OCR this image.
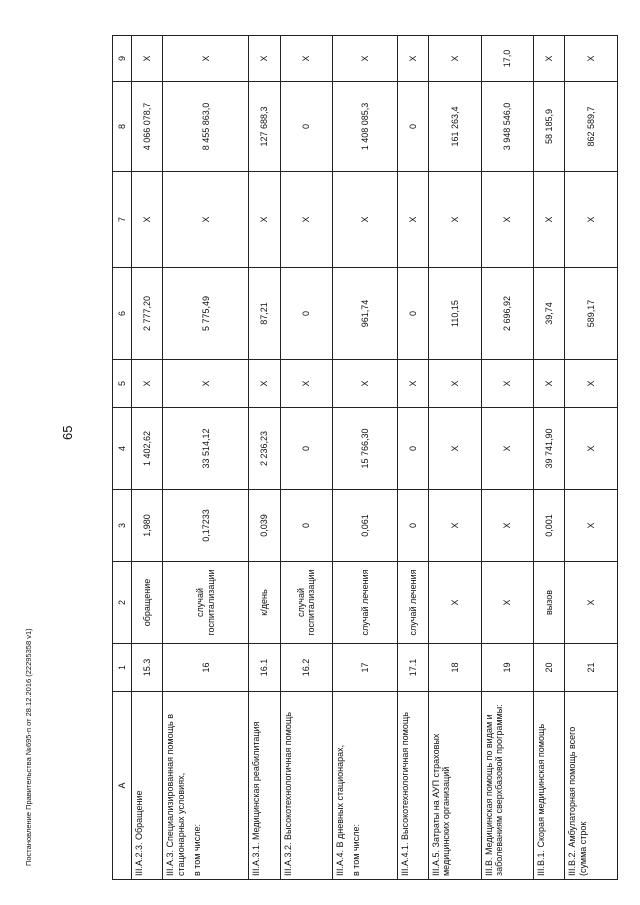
65
A	1	2	3	4	5	6	7	8	9

III.А.2.3. Обращение	15.3	обращение	1,980	1 402,62	X	2 777,20	X	4 066 078,7	X

III.А.3. Специализированная помощь в стационарных условиях, в том числе:	16	случай госпитализации	0,17233	33 514,12	X	5 775,49	X	8 455 863,0	X

III.А.3.1. Медицинская реабилитация	16.1	к/день	0,039	2 236,23	X	87,21	X	127 688,3	X

III.А.3.2. Высокотехнологичная помощь	16.2	случай госпитализации	0	0	X	0	X	0	X

III.А.4. В дневных стационарах, в том числе:	17	случай лечения	0,061	15 766,30	X	961,74	X	1 408 085,3	X

III.А.4.1. Высокотехнологичная помощь	17.1	случай лечения	0	0	X	0	X	0	X

III.А.5. Затраты на АУП страховых медицинских организаций	18	X	X	X	X	110,15	X	161 263,4	X

III.В. Медицинская помощь по видам и заболеваниям сверхбазовой программы:	19	X	X	X	X	2 696,92	X	3 948 546,0	17,0

III.В.1. Скорая медицинская помощь	20	вызов	0,001	39 741,90	X	39,74	X	58 185,9	X

III.В.2. Амбулаторная помощь всего (сумма строк	21	X	X	X	X	589,17	X	862 589,7	X
Постановление Правительства №695-п от 28.12.2016 (22295358 v1)
